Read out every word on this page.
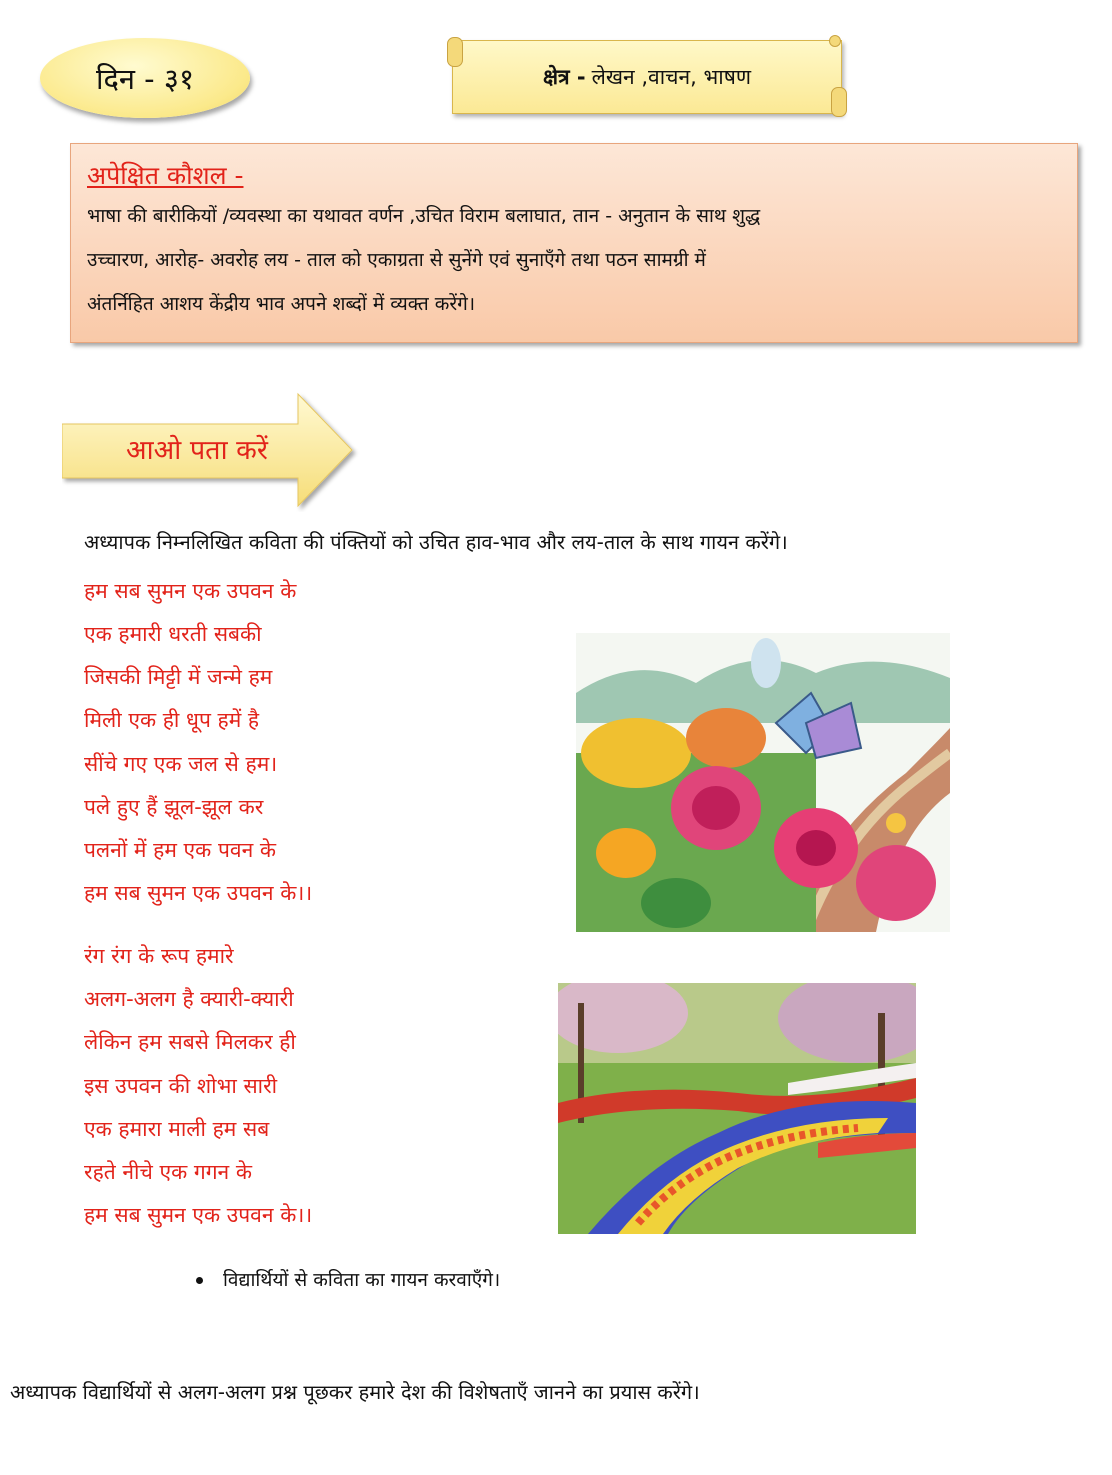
दिन - ३१	क्षेत्र - लेखन ,वाचन, भाषण
अपेक्षित कौशल -
भाषा की बारीकियों /व्यवस्था का यथावत वर्णन ,उचित विराम बलाघात, तान - अनुतान के साथ शुद्ध
उच्चारण, आरोह- अवरोह लय - ताल को एकाग्रता से सुनेंगे एवं सुनाएँगे तथा पठन सामग्री में
अंतर्निहित आशय केंद्रीय भाव अपने शब्दों में व्यक्त करेंगे।
आओ पता करें
अध्यापक निम्नलिखित कविता की पंक्तियों को उचित हाव-भाव और लय-ताल के साथ गायन करेंगे।
हम सब सुमन एक उपवन के
एक हमारी धरती सबकी
जिसकी मिट्टी में जन्मे हम
मिली एक ही धूप हमें है
सींचे गए एक जल से हम।
पले हुए हैं झूल-झूल कर
पलनों में हम एक पवन के
हम सब सुमन एक उपवन के।।
रंग रंग के रूप हमारे
अलग-अलग है क्यारी-क्यारी
लेकिन हम सबसे मिलकर ही
इस उपवन की शोभा सारी
एक हमारा माली हम सब
रहते नीचे एक गगन के
हम सब सुमन एक उपवन के।।
विद्यार्थियों से कविता का गायन करवाएँगे।
अध्यापक विद्यार्थियों से अलग-अलग प्रश्न पूछकर हमारे देश की विशेषताएँ जानने का प्रयास करेंगे।
